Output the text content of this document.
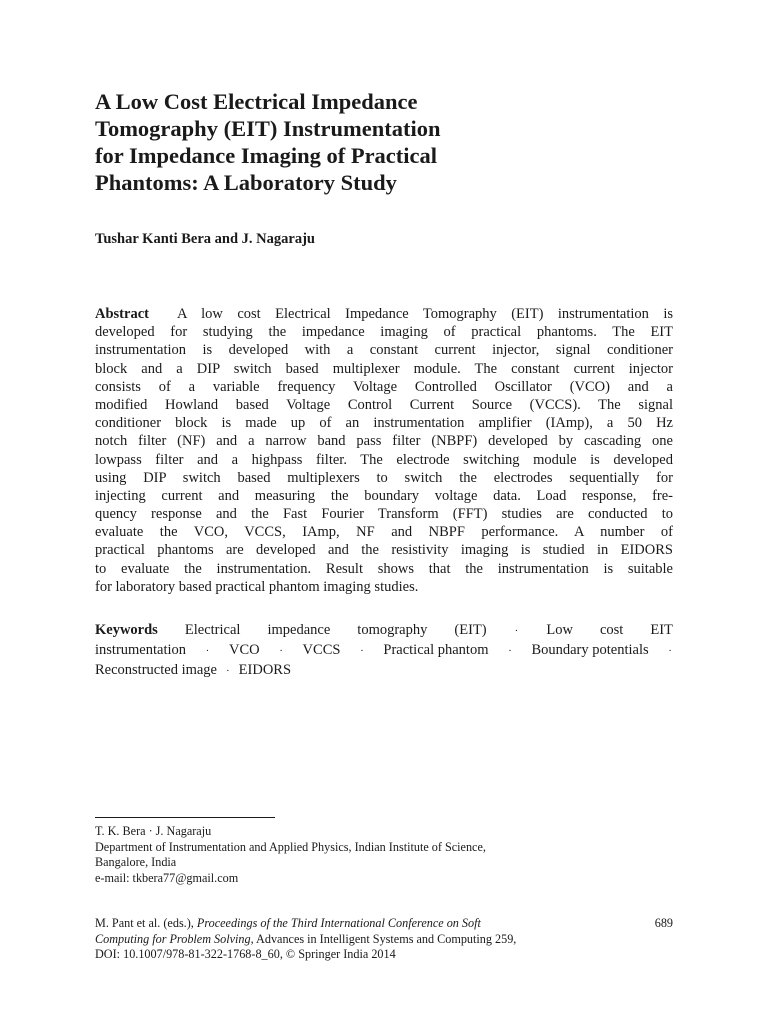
A Low Cost Electrical Impedance
Tomography (EIT) Instrumentation
for Impedance Imaging of Practical
Phantoms: A Laboratory Study
Tushar Kanti Bera and J. Nagaraju
Abstract A low cost Electrical Impedance Tomography (EIT) instrumentation is
developed for studying the impedance imaging of practical phantoms. The EIT
instrumentation is developed with a constant current injector, signal conditioner
block and a DIP switch based multiplexer module. The constant current injector
consists of a variable frequency Voltage Controlled Oscillator (VCO) and a
modified Howland based Voltage Control Current Source (VCCS). The signal
conditioner block is made up of an instrumentation amplifier (IAmp), a 50 Hz
notch filter (NF) and a narrow band pass filter (NBPF) developed by cascading one
lowpass filter and a highpass filter. The electrode switching module is developed
using DIP switch based multiplexers to switch the electrodes sequentially for
injecting current and measuring the boundary voltage data. Load response, fre-
quency response and the Fast Fourier Transform (FFT) studies are conducted to
evaluate the VCO, VCCS, IAmp, NF and NBPF performance. A number of
practical phantoms are developed and the resistivity imaging is studied in EIDORS
to evaluate the instrumentation. Result shows that the instrumentation is suitable
for laboratory based practical phantom imaging studies.
Keywords Electrical impedance tomography (EIT)	· Low cost EIT
instrumentation · VCO · VCCS · Practical phantom · Boundary potentials ·
Reconstructed image · EIDORS
T. K. Bera · J. Nagaraju
Department of Instrumentation and Applied Physics, Indian Institute of Science,
Bangalore, India
e-mail: tkbera77@gmail.com
M. Pant et al. (eds.), Proceedings of the Third International Conference on Soft	689
Computing for Problem Solving, Advances in Intelligent Systems and Computing 259,
DOI: 10.1007/978-81-322-1768-8_60, © Springer India 2014
